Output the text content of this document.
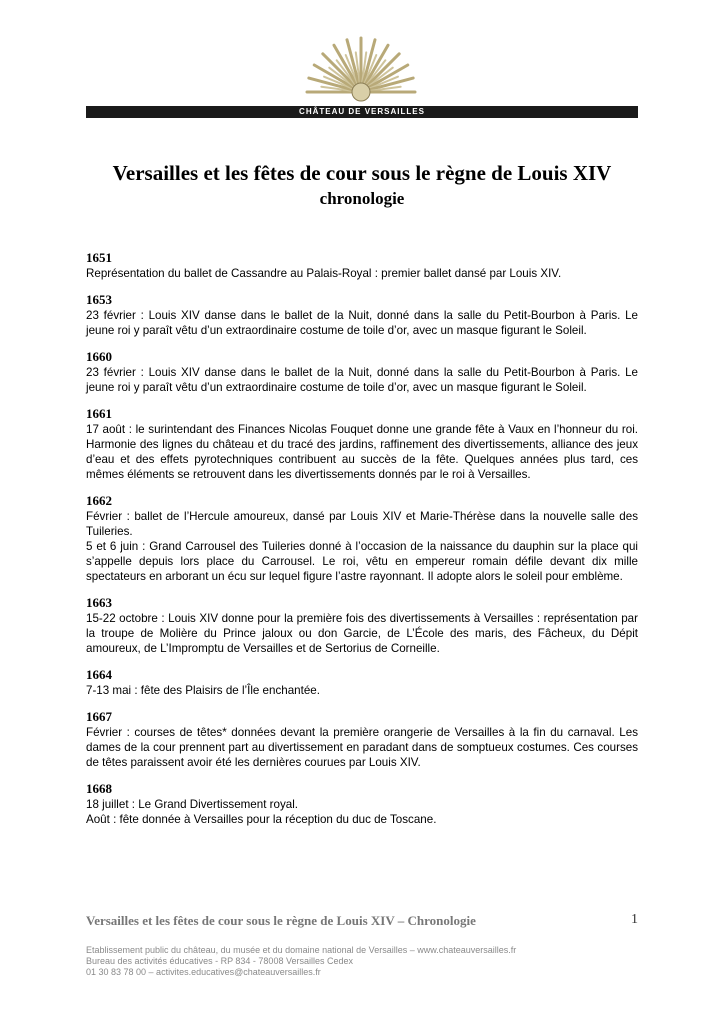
CHÂTEAU DE VERSAILLES
Versailles et les fêtes de cour sous le règne de Louis XIV
chronologie
1651

Représentation du ballet de Cassandre au Palais-Royal : premier ballet dansé par Louis XIV.

1653

23 février : Louis XIV danse dans le ballet de la Nuit, donné dans la salle du Petit-Bourbon à Paris. Le jeune roi y paraît vêtu d’un extraordinaire costume de toile d’or, avec un masque figurant le Soleil.

1660

23 février : Louis XIV danse dans le ballet de la Nuit, donné dans la salle du Petit-Bourbon à Paris. Le jeune roi y paraît vêtu d’un extraordinaire costume de toile d’or, avec un masque figurant le Soleil.

1661

17 août : le surintendant des Finances Nicolas Fouquet donne une grande fête à Vaux en l’honneur du roi. Harmonie des lignes du château et du tracé des jardins, raffinement des divertissements, alliance des jeux d’eau et des effets pyrotechniques contribuent au succès de la fête. Quelques années plus tard, ces mêmes éléments se retrouvent dans les divertissements donnés par le roi à Versailles.

1662

Février : ballet de l’Hercule amoureux, dansé par Louis XIV et Marie-Thérèse dans la nouvelle salle des Tuileries.

5 et 6 juin : Grand Carrousel des Tuileries donné à l’occasion de la naissance du dauphin sur la place qui s’appelle depuis lors place du Carrousel. Le roi, vêtu en empereur romain défile devant dix mille spectateurs en arborant un écu sur lequel figure l’astre rayonnant. Il adopte alors le soleil pour emblème.

1663

15-22 octobre : Louis XIV donne pour la première fois des divertissements à Versailles : représentation par la troupe de Molière du Prince jaloux ou don Garcie, de L’École des maris, des Fâcheux, du Dépit amoureux, de L’Impromptu de Versailles et de Sertorius de Corneille.

1664

7-13 mai : fête des Plaisirs de l’Île enchantée.

1667

Février : courses de têtes* données devant la première orangerie de Versailles à la fin du carnaval. Les dames de la cour prennent part au divertissement en paradant dans de somptueux costumes. Ces courses de têtes paraissent avoir été les dernières courues par Louis XIV.

1668

18 juillet : Le Grand Divertissement royal.

Août : fête donnée à Versailles pour la réception du duc de Toscane.

Versailles et les fêtes de cour sous le règne de Louis XIV – Chronologie	1
Etablissement public du château, du musée et du domaine national de Versailles – www.chateauversailles.fr
Bureau des activités éducatives - RP 834 - 78008 Versailles Cedex
01 30 83 78 00 – activites.educatives@chateauversailles.fr
